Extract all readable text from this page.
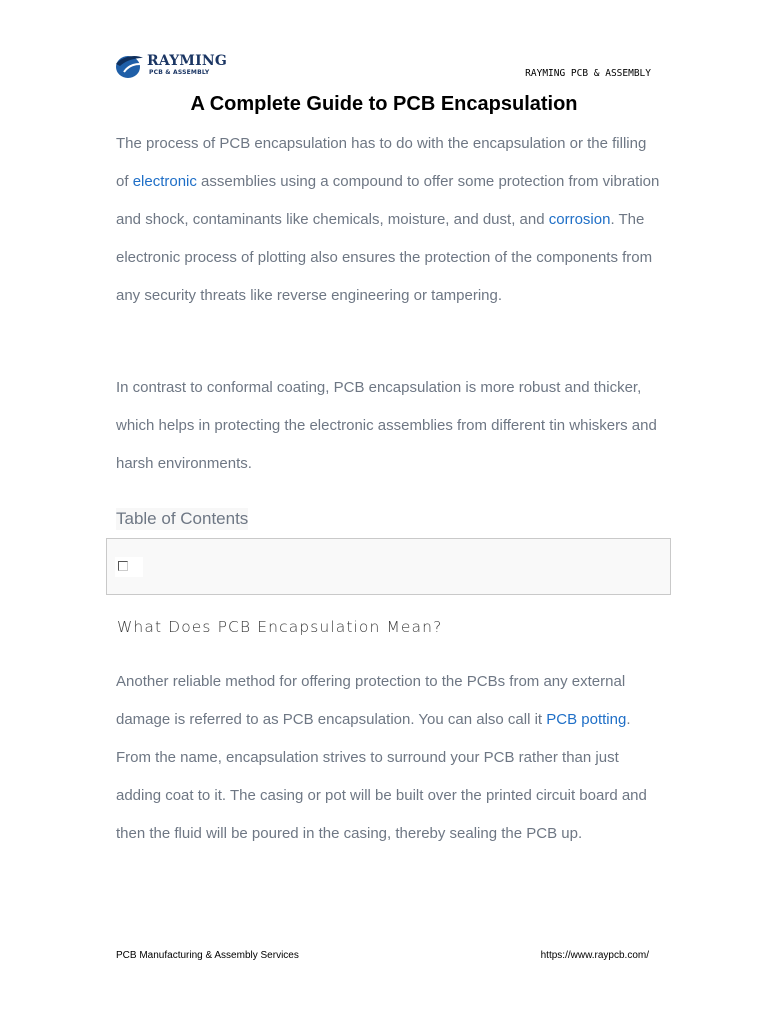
RAYMING
PCB & ASSEMBLY	RAYMING PCB & ASSEMBLY
A Complete Guide to PCB Encapsulation
The process of PCB encapsulation has to do with the encapsulation or the filling of electronic assemblies using a compound to offer some protection from vibration and shock, contaminants like chemicals, moisture, and dust, and corrosion. The electronic process of plotting also ensures the protection of the components from any security threats like reverse engineering or tampering.
In contrast to conformal coating, PCB encapsulation is more robust and thicker, which helps in protecting the electronic assemblies from different tin whiskers and harsh environments.
Table of Contents
What Does PCB Encapsulation Mean?
Another reliable method for offering protection to the PCBs from any external damage is referred to as PCB encapsulation. You can also call it PCB potting. From the name, encapsulation strives to surround your PCB rather than just adding coat to it. The casing or pot will be built over the printed circuit board and then the fluid will be poured in the casing, thereby sealing the PCB up.
PCB Manufacturing & Assembly Services	https://www.raypcb.com/
